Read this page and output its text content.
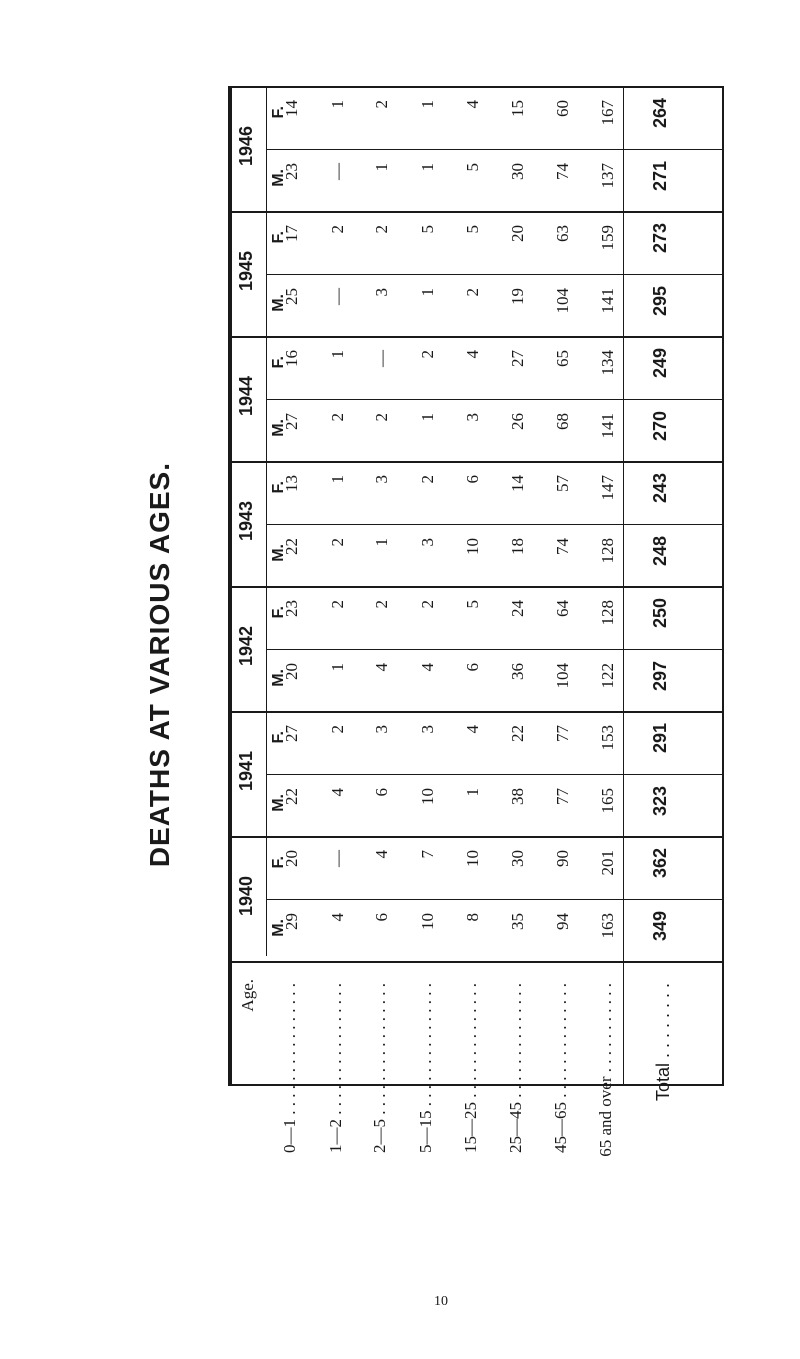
DEATHS AT VARIOUS AGES.
Age. 0—1 . . . . . . . . . . . . . . . . 1—2 . . . . . . . . . . . . . . . . 2—5 . . . . . . . . . . . . . . . . 5—15 . . . . . . . . . . . . . . . 15—25 . . . . . . . . . . . . . . 25—45 . . . . . . . . . . . . . . 45—65 . . . . . . . . . . . . . . 65 and over . . . . . . . . . . . Total . . . . . . . .
1940
M.
F.
29 4 6 10 8 35 94 163
20 — 4 7 10 30 90 201
349
362
1941
M.
F.
22 4 6 10 1 38 77 165
27 2 3 3 4 22 77 153
323
291
1942
M.
F.
20 1 4 4 6 36 104 122
23 2 2 2 5 24 64 128
297
250
1943
M.
F.
22 2 1 3 10 18 74 128
13 1 3 2 6 14 57 147
248
243
1944
M.
F.
27 2 2 1 3 26 68 141
16 1 — 2 4 27 65 134
270
249
1945
M.
F.
25 — 3 1 2 19 104 141
17 2 2 5 5 20 63 159
295
273
1946
M.
F.
23 — 1 1 5 30 74 137
14 1 2 1 4 15 60 167
271
264
10
